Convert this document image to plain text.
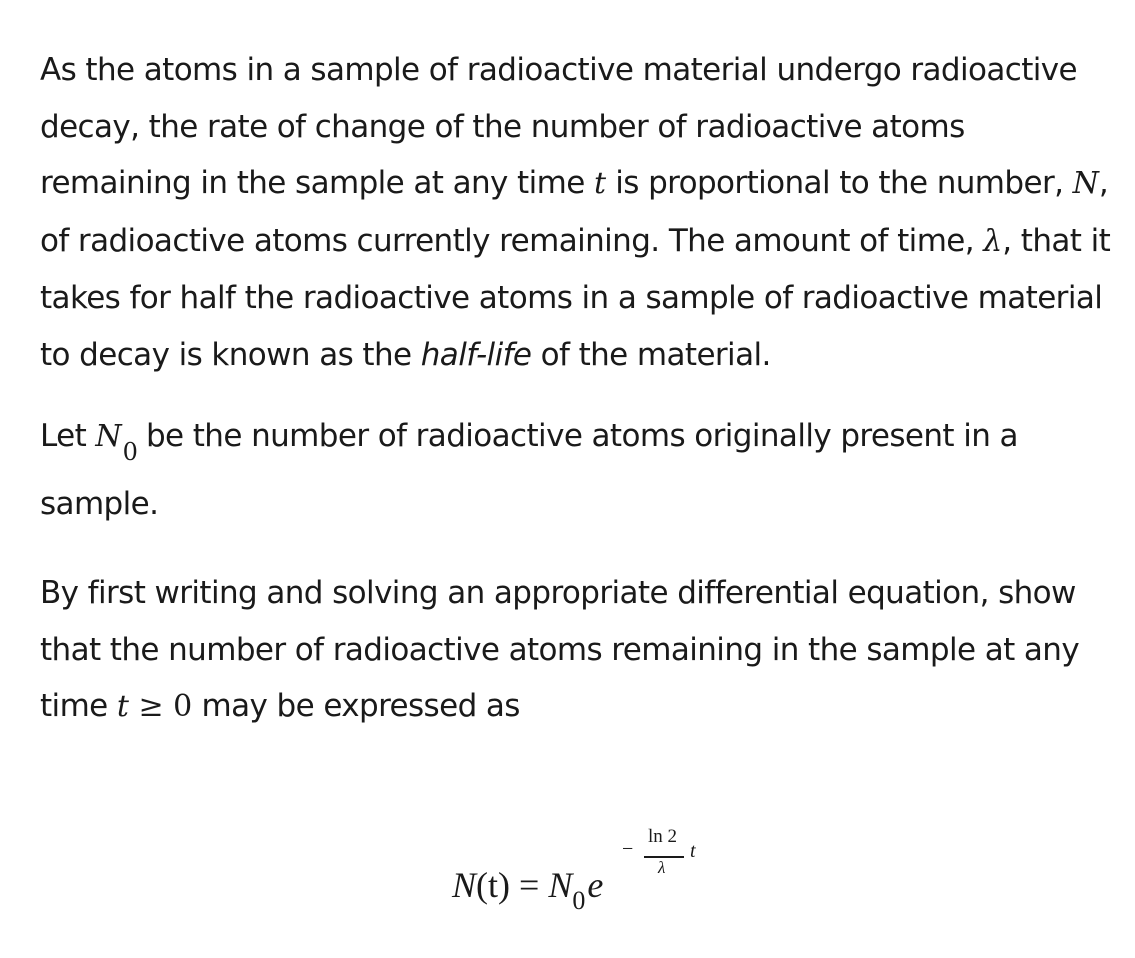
As the atoms in a sample of radioactive material undergo radioactive decay, the rate of change of the number of radioactive atoms remaining in the sample at any time t is proportional to the number, N, of radioactive atoms currently remaining. The amount of time, λ, that it takes for half the radioactive atoms in a sample of radioactive material to decay is known as the half-life of the material.

Let $N_0$ be the number of radioactive atoms originally present in a sample.

By first writing and solving an appropriate differential equation, show that the number of radioactive atoms remaining in the sample at any time t ≥ 0 may be expressed as

$N(t) = N_0e$
−
ln 2
λ
t
